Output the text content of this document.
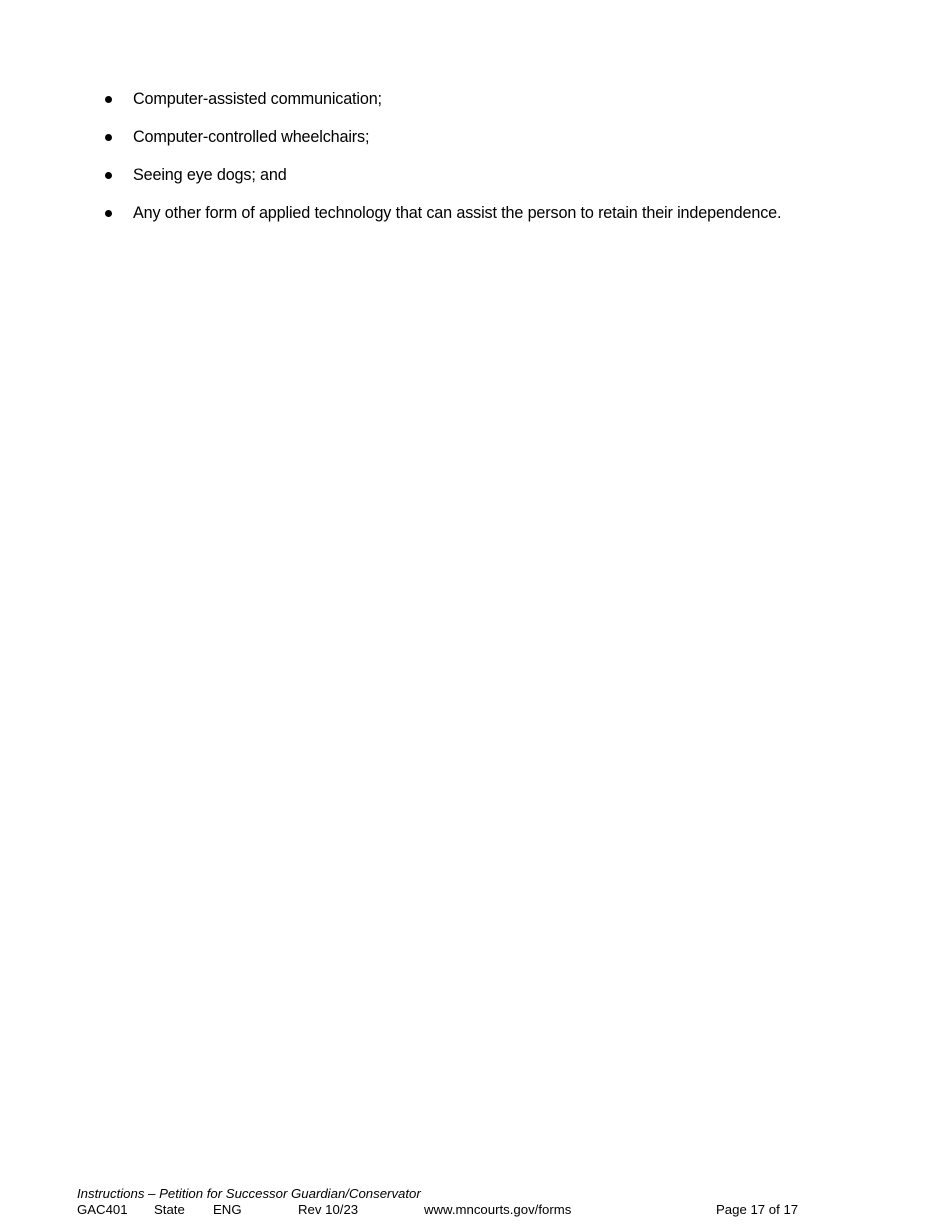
Computer-assisted communication;
Computer-controlled wheelchairs;
Seeing eye dogs; and
Any other form of applied technology that can assist the person to retain their independence.
Instructions – Petition for Successor Guardian/Conservator
GAC401 State ENG	Rev 10/23	www.mncourts.gov/forms	Page 17 of 17
